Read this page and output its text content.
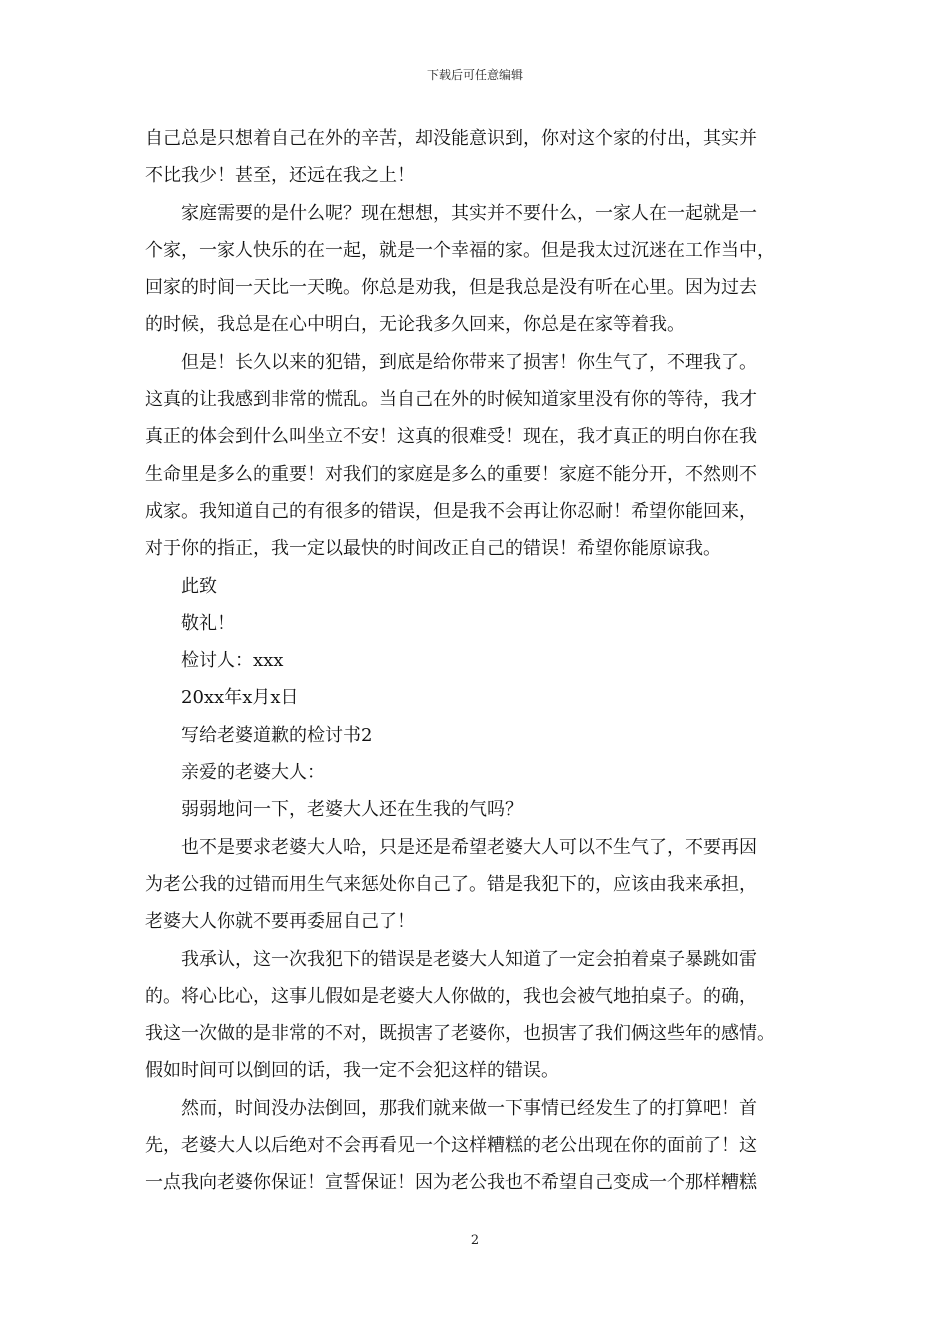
下载后可任意编辑
自己总是只想着自己在外的辛苦，却没能意识到，你对这个家的付出，其实并
不比我少！甚至，还远在我之上！
家庭需要的是什么呢？现在想想，其实并不要什么，一家人在一起就是一
个家，一家人快乐的在一起，就是一个幸福的家。但是我太过沉迷在工作当中，
回家的时间一天比一天晚。你总是劝我，但是我总是没有听在心里。因为过去
的时候，我总是在心中明白，无论我多久回来，你总是在家等着我。
但是！长久以来的犯错，到底是给你带来了损害！你生气了，不理我了。
这真的让我感到非常的慌乱。当自己在外的时候知道家里没有你的等待，我才
真正的体会到什么叫坐立不安！这真的很难受！现在，我才真正的明白你在我
生命里是多么的重要！对我们的家庭是多么的重要！家庭不能分开，不然则不
成家。我知道自己的有很多的错误，但是我不会再让你忍耐！希望你能回来，
对于你的指正，我一定以最快的时间改正自己的错误！希望你能原谅我。
此致
敬礼！
检讨人：xxx
20xx年x月x日
写给老婆道歉的检讨书2
亲爱的老婆大人：
弱弱地问一下，老婆大人还在生我的气吗？
也不是要求老婆大人哈，只是还是希望老婆大人可以不生气了，不要再因
为老公我的过错而用生气来惩处你自己了。错是我犯下的，应该由我来承担，
老婆大人你就不要再委屈自己了！
我承认，这一次我犯下的错误是老婆大人知道了一定会拍着桌子暴跳如雷
的。将心比心，这事儿假如是老婆大人你做的，我也会被气地拍桌子。的确，
我这一次做的是非常的不对，既损害了老婆你，也损害了我们俩这些年的感情。
假如时间可以倒回的话，我一定不会犯这样的错误。
然而，时间没办法倒回，那我们就来做一下事情已经发生了的打算吧！首
先，老婆大人以后绝对不会再看见一个这样糟糕的老公出现在你的面前了！这
一点我向老婆你保证！宣誓保证！因为老公我也不希望自己变成一个那样糟糕
2
